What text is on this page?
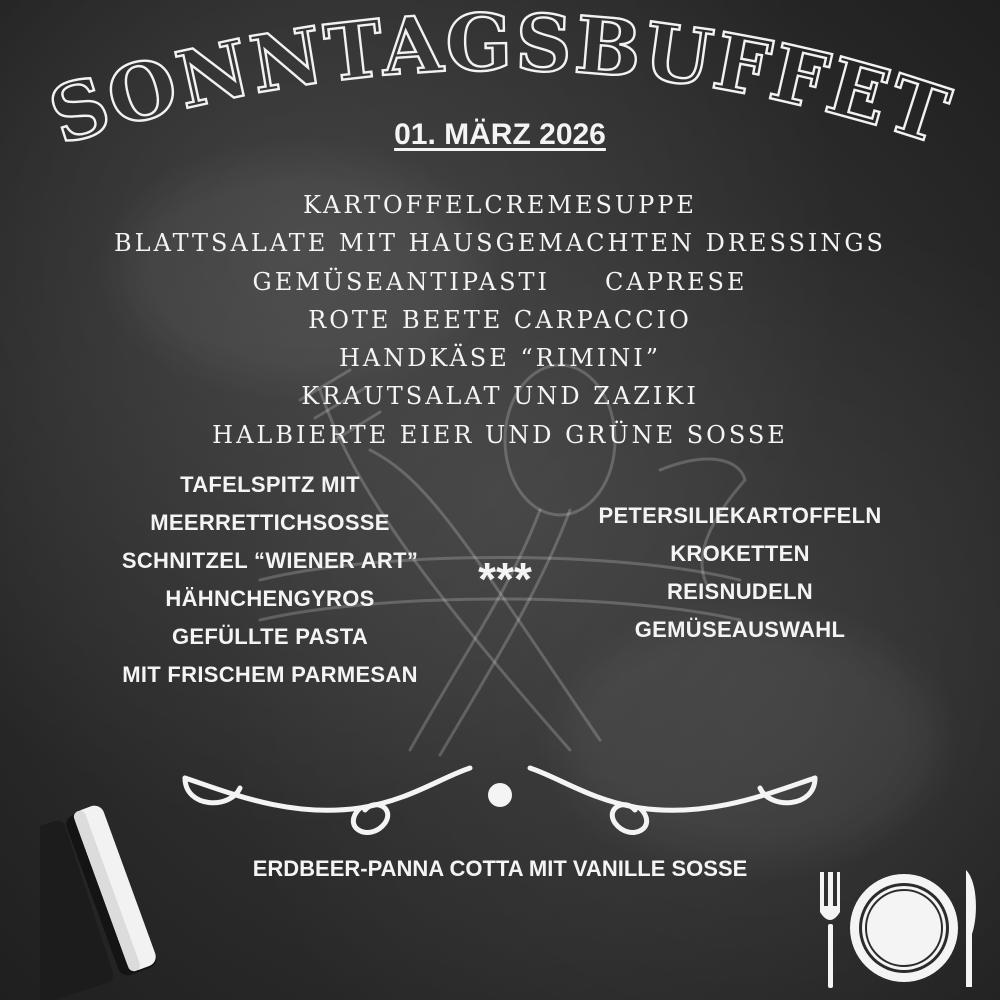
SONNTAGSBUFFET
01. MÄRZ 2026
KARTOFFELCREMESUPPE
BLATTSALATE MIT HAUSGEMACHTEN DRESSINGS
GEMÜSEANTIPASTI CAPRESE
ROTE BEETE CARPACCIO
HANDKÄSE “RIMINI”
KRAUTSALAT UND ZAZIKI
HALBIERTE EIER UND GRÜNE SOSSE
TAFELSPITZ MIT
MEERRETTICHSOSSE
SCHNITZEL “WIENER ART”
HÄHNCHENGYROS
GEFÜLLTE PASTA
MIT FRISCHEM PARMESAN
***
PETERSILIEKARTOFFELN
KROKETTEN
REISNUDELN
GEMÜSEAUSWAHL
ERDBEER-PANNA COTTA MIT VANILLE SOSSE
